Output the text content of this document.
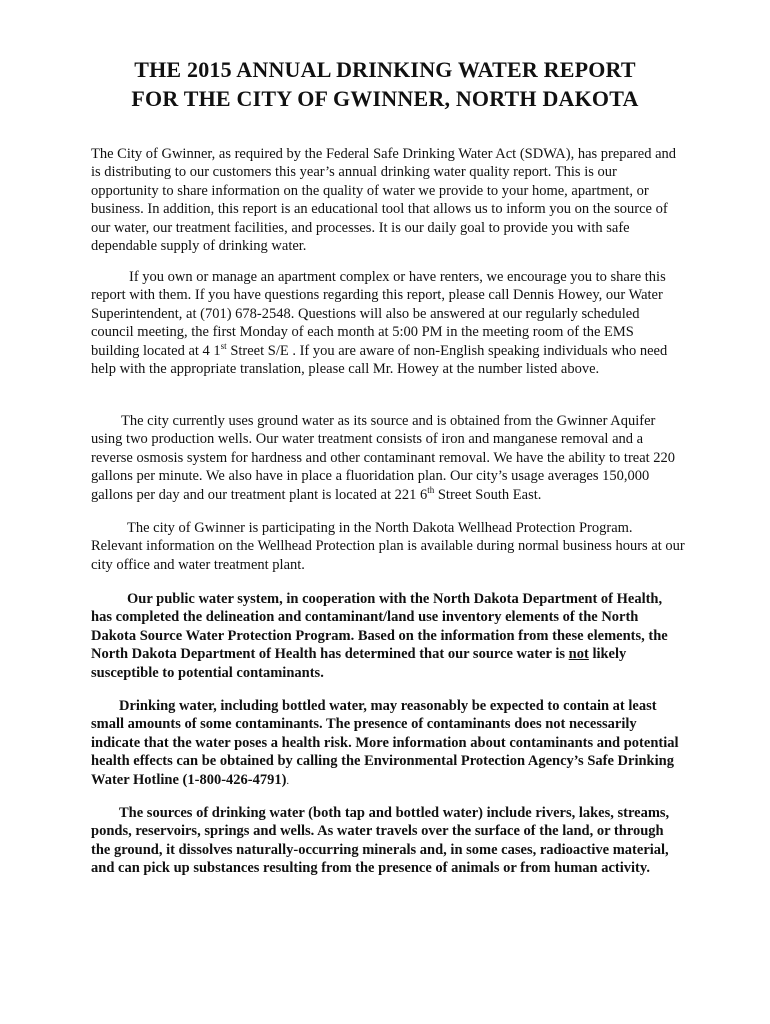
THE 2015 ANNUAL DRINKING WATER REPORT
FOR THE CITY OF GWINNER, NORTH DAKOTA

The City of Gwinner, as required by the Federal Safe Drinking Water Act (SDWA), has prepared and is distributing to our customers this year’s annual drinking water quality report. This is our opportunity to share information on the quality of water we provide to your home, apartment, or business. In addition, this report is an educational tool that allows us to inform you on the source of our water, our treatment facilities, and processes. It is our daily goal to provide you with safe dependable supply of drinking water.

If you own or manage an apartment complex or have renters, we encourage you to share this report with them. If you have questions regarding this report, please call Dennis Howey, our Water Superintendent, at (701) 678-2548. Questions will also be answered at our regularly scheduled council meeting, the first Monday of each month at 5:00 PM in the meeting room of the EMS building located at 4 1st Street S/E . If you are aware of non-English speaking individuals who need help with the appropriate translation, please call Mr. Howey at the number listed above.

The city currently uses ground water as its source and is obtained from the Gwinner Aquifer using two production wells. Our water treatment consists of iron and manganese removal and a reverse osmosis system for hardness and other contaminant removal. We have the ability to treat 220 gallons per minute. We also have in place a fluoridation plan. Our city’s usage averages 150,000 gallons per day and our treatment plant is located at 221 6th Street South East.

The city of Gwinner is participating in the North Dakota Wellhead Protection Program. Relevant information on the Wellhead Protection plan is available during normal business hours at our city office and water treatment plant.

Our public water system, in cooperation with the North Dakota Department of Health, has completed the delineation and contaminant/land use inventory elements of the North Dakota Source Water Protection Program. Based on the information from these elements, the North Dakota Department of Health has determined that our source water is not likely susceptible to potential contaminants.

Drinking water, including bottled water, may reasonably be expected to contain at least small amounts of some contaminants. The presence of contaminants does not necessarily indicate that the water poses a health risk. More information about contaminants and potential health effects can be obtained by calling the Environmental Protection Agency’s Safe Drinking Water Hotline (1-800-426-4791).

The sources of drinking water (both tap and bottled water) include rivers, lakes, streams, ponds, reservoirs, springs and wells. As water travels over the surface of the land, or through the ground, it dissolves naturally-occurring minerals and, in some cases, radioactive material, and can pick up substances resulting from the presence of animals or from human activity.
